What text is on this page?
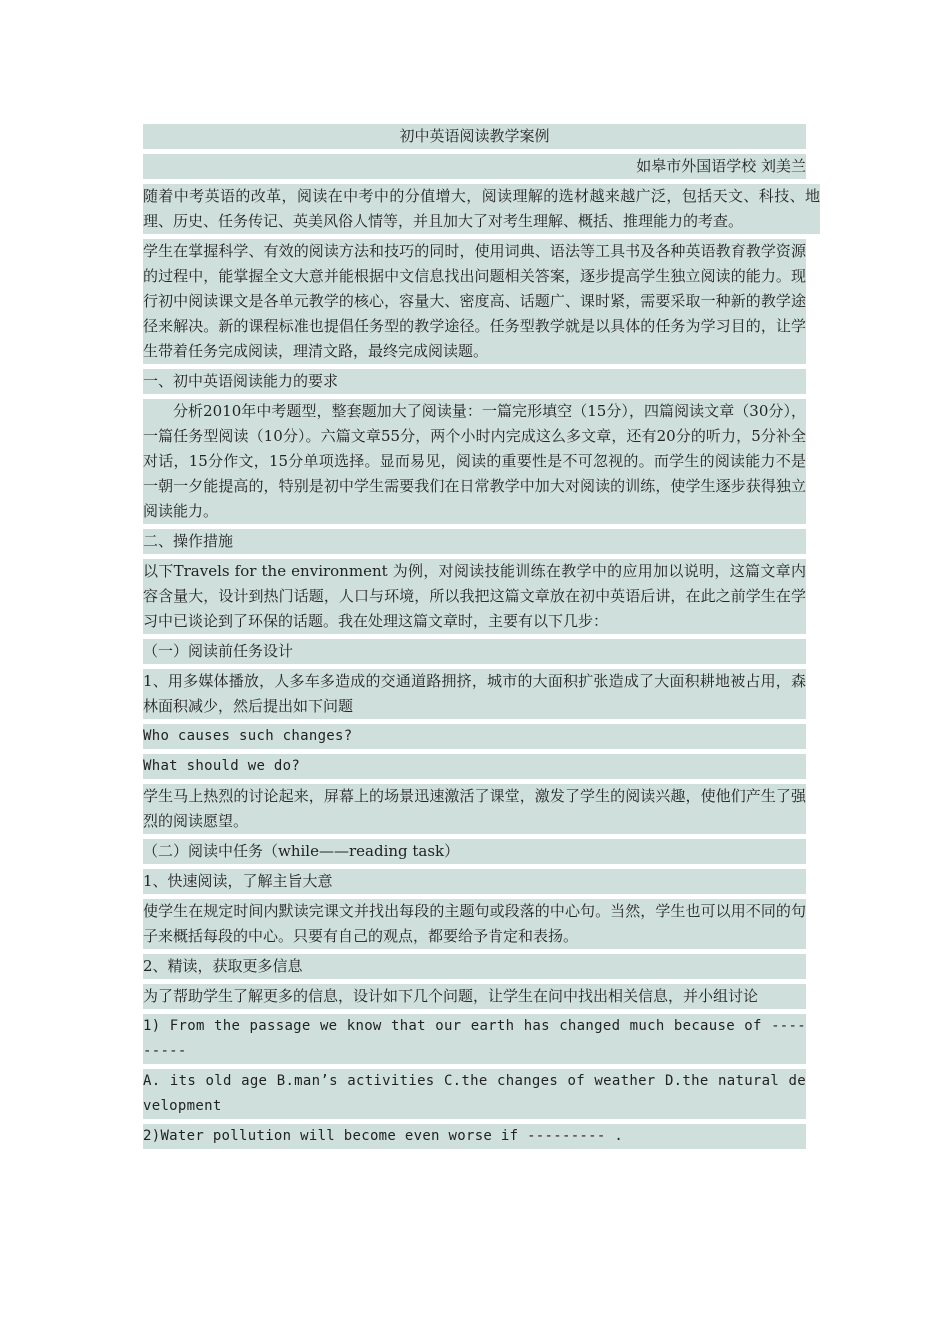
初中英语阅读教学案例
如皋市外国语学校 刘美兰
随着中考英语的改革，阅读在中考中的分值增大，阅读理解的选材越来越广泛，包括天文、科技、地理、历史、任务传记、英美风俗人情等，并且加大了对考生理解、概括、推理能力的考查。
学生在掌握科学、有效的阅读方法和技巧的同时，使用词典、语法等工具书及各种英语教育教学资源的过程中，能掌握全文大意并能根据中文信息找出问题相关答案，逐步提高学生独立阅读的能力。现行初中阅读课文是各单元教学的核心，容量大、密度高、话题广、课时紧，需要采取一种新的教学途径来解决。新的课程标准也提倡任务型的教学途径。任务型教学就是以具体的任务为学习目的，让学生带着任务完成阅读，理清文路，最终完成阅读题。
一、初中英语阅读能力的要求
分析2010年中考题型，整套题加大了阅读量：一篇完形填空（15分），四篇阅读文章（30分），一篇任务型阅读（10分）。六篇文章55分，两个小时内完成这么多文章，还有20分的听力，5分补全对话，15分作文，15分单项选择。显而易见，阅读的重要性是不可忽视的。而学生的阅读能力不是一朝一夕能提高的，特别是初中学生需要我们在日常教学中加大对阅读的训练，使学生逐步获得独立阅读能力。
二、操作措施
以下Travels for the environment 为例，对阅读技能训练在教学中的应用加以说明，这篇文章内容含量大，设计到热门话题，人口与环境，所以我把这篇文章放在初中英语后讲，在此之前学生在学习中已谈论到了环保的话题。我在处理这篇文章时，主要有以下几步：
（一）阅读前任务设计
1、用多媒体播放，人多车多造成的交通道路拥挤，城市的大面积扩张造成了大面积耕地被占用，森林面积减少，然后提出如下问题
Who causes such changes?
What should we do?
学生马上热烈的讨论起来，屏幕上的场景迅速激活了课堂，激发了学生的阅读兴趣，使他们产生了强烈的阅读愿望。
（二）阅读中任务（while——reading task）
1、快速阅读，了解主旨大意
使学生在规定时间内默读完课文并找出每段的主题句或段落的中心句。当然，学生也可以用不同的句子来概括每段的中心。只要有自己的观点，都要给予肯定和表扬。
2、精读，获取更多信息
为了帮助学生了解更多的信息，设计如下几个问题，让学生在问中找出相关信息，并小组讨论
1) From the passage we know that our earth has changed much because of ---------
A. its old age B.man’s activities C.the changes of weather D.the natural development
2)Water pollution will become even worse if --------- .
